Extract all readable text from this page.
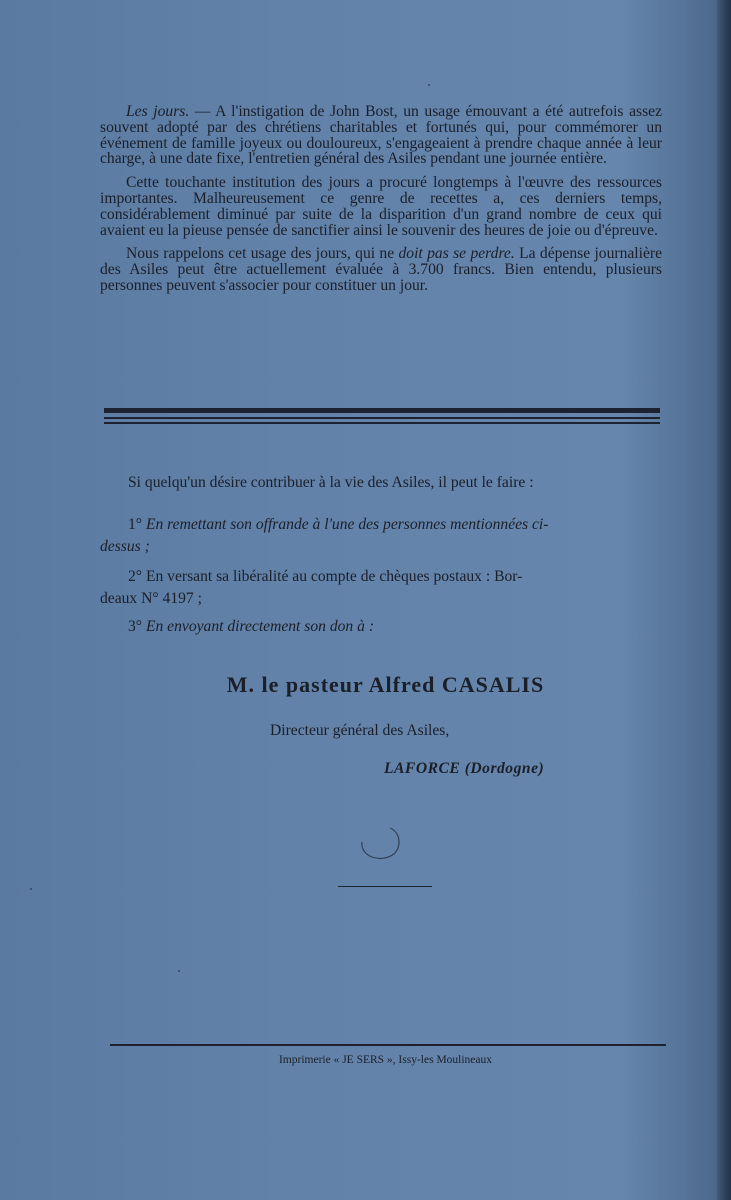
Les jours. — A l'instigation de John Bost, un usage émouvant a été autrefois assez souvent adopté par des chrétiens charitables et fortunés qui, pour commémorer un événement de famille joyeux ou douloureux, s'engageaient à prendre chaque année à leur charge, à une date fixe, l'entretien général des Asiles pendant une journée entière.

Cette touchante institution des jours a procuré longtemps à l'œuvre des ressources importantes. Malheureusement ce genre de recettes a, ces derniers temps, considérablement diminué par suite de la disparition d'un grand nombre de ceux qui avaient eu la pieuse pensée de sanctifier ainsi le souvenir des heures de joie ou d'épreuve.

Nous rappelons cet usage des jours, qui ne doit pas se perdre. La dépense journalière des Asiles peut être actuellement évaluée à 3.700 francs. Bien entendu, plusieurs personnes peuvent s'associer pour constituer un jour.

Si quelqu'un désire contribuer à la vie des Asiles, il peut le faire :
1° En remettant son offrande à l'une des personnes mentionnées ci-
dessus ;
2° En versant sa libéralité au compte de chèques postaux : Bor-
deaux N° 4197 ;
3° En envoyant directement son don à :
M. le pasteur Alfred CASALIS
Directeur général des Asiles,
LAFORCE (Dordogne)
Imprimerie « JE SERS », Issy-les Moulineaux
